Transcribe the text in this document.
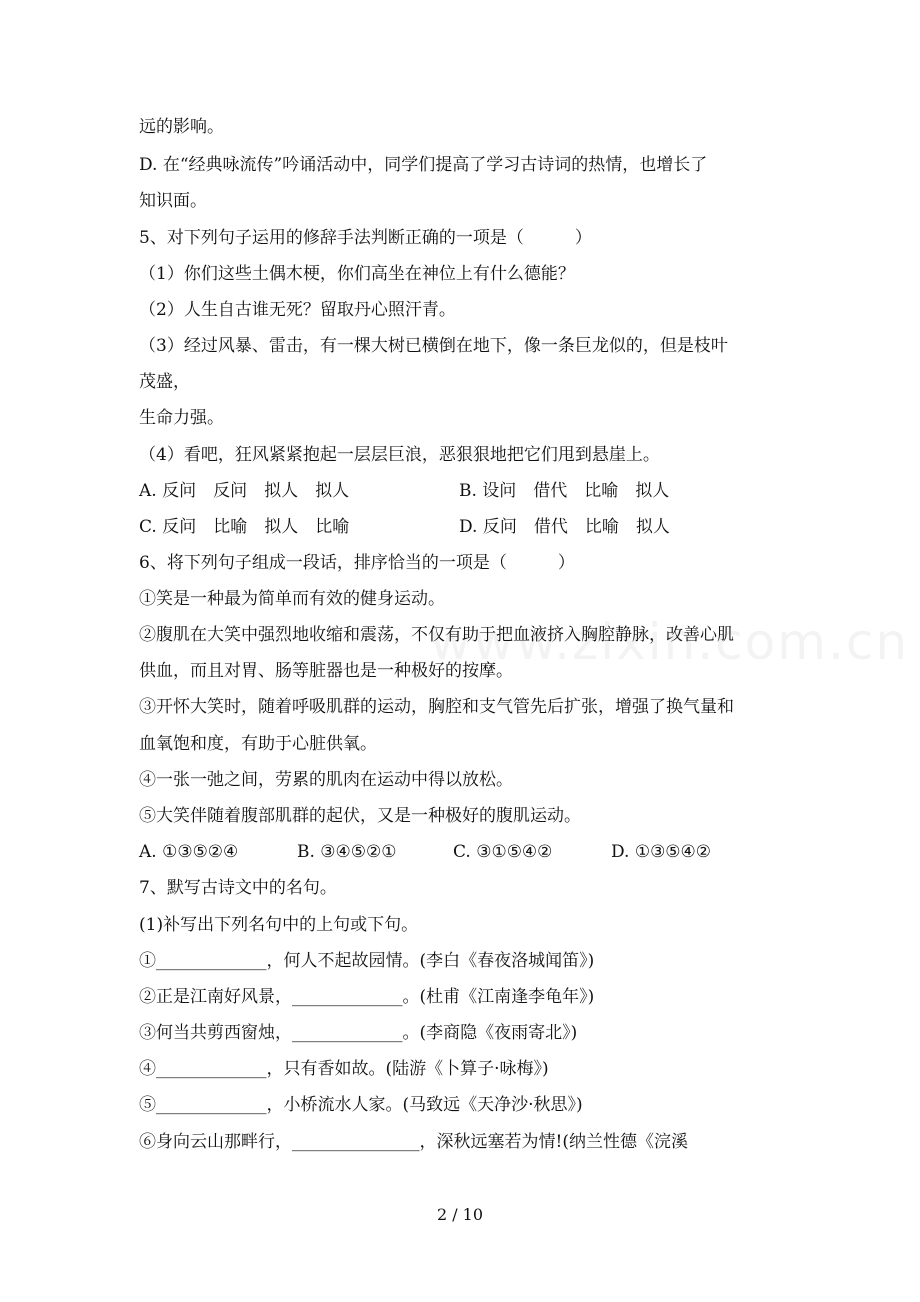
远的影响。
D. 在“经典咏流传”吟诵活动中，同学们提高了学习古诗词的热情，也增长了
知识面。
5、对下列句子运用的修辞手法判断正确的一项是（　　　）
（1）你们这些土偶木梗，你们高坐在神位上有什么德能？
（2）人生自古谁无死？留取丹心照汗青。
（3）经过风暴、雷击，有一棵大树已横倒在地下，像一条巨龙似的，但是枝叶
茂盛，
生命力强。
（4）看吧，狂风紧紧抱起一层层巨浪，恶狠狠地把它们甩到悬崖上。
A. 反问　反问　拟人　拟人	B. 设问　借代　比喻　拟人
C. 反问　比喻　拟人　比喻	D. 反问　借代　比喻　拟人
6、将下列句子组成一段话，排序恰当的一项是（　　　）
①笑是一种最为简单而有效的健身运动。
②腹肌在大笑中强烈地收缩和震荡，不仅有助于把血液挤入胸腔静脉，改善心肌
供血，而且对胃、肠等脏器也是一种极好的按摩。
③开怀大笑时，随着呼吸肌群的运动，胸腔和支气管先后扩张，增强了换气量和
血氧饱和度，有助于心脏供氧。
④一张一弛之间，劳累的肌肉在运动中得以放松。
⑤大笑伴随着腹部肌群的起伏，又是一种极好的腹肌运动。
A. ①③⑤②④	B. ③④⑤②①	C. ③①⑤④②	D. ①③⑤④②
7、默写古诗文中的名句。
(1)补写出下列名句中的上句或下句。
①_____________，何人不起故园情。(李白《春夜洛城闻笛》)
②正是江南好风景，_____________。(杜甫《江南逢李龟年》)
③何当共剪西窗烛，_____________。(李商隐《夜雨寄北》)
④_____________，只有香如故。(陆游《卜算子·咏梅》)
⑤_____________，小桥流水人家。(马致远《天净沙·秋思》)
⑥身向云山那畔行，_______________，深秋远塞若为情!(纳兰性德《浣溪
2 / 10
